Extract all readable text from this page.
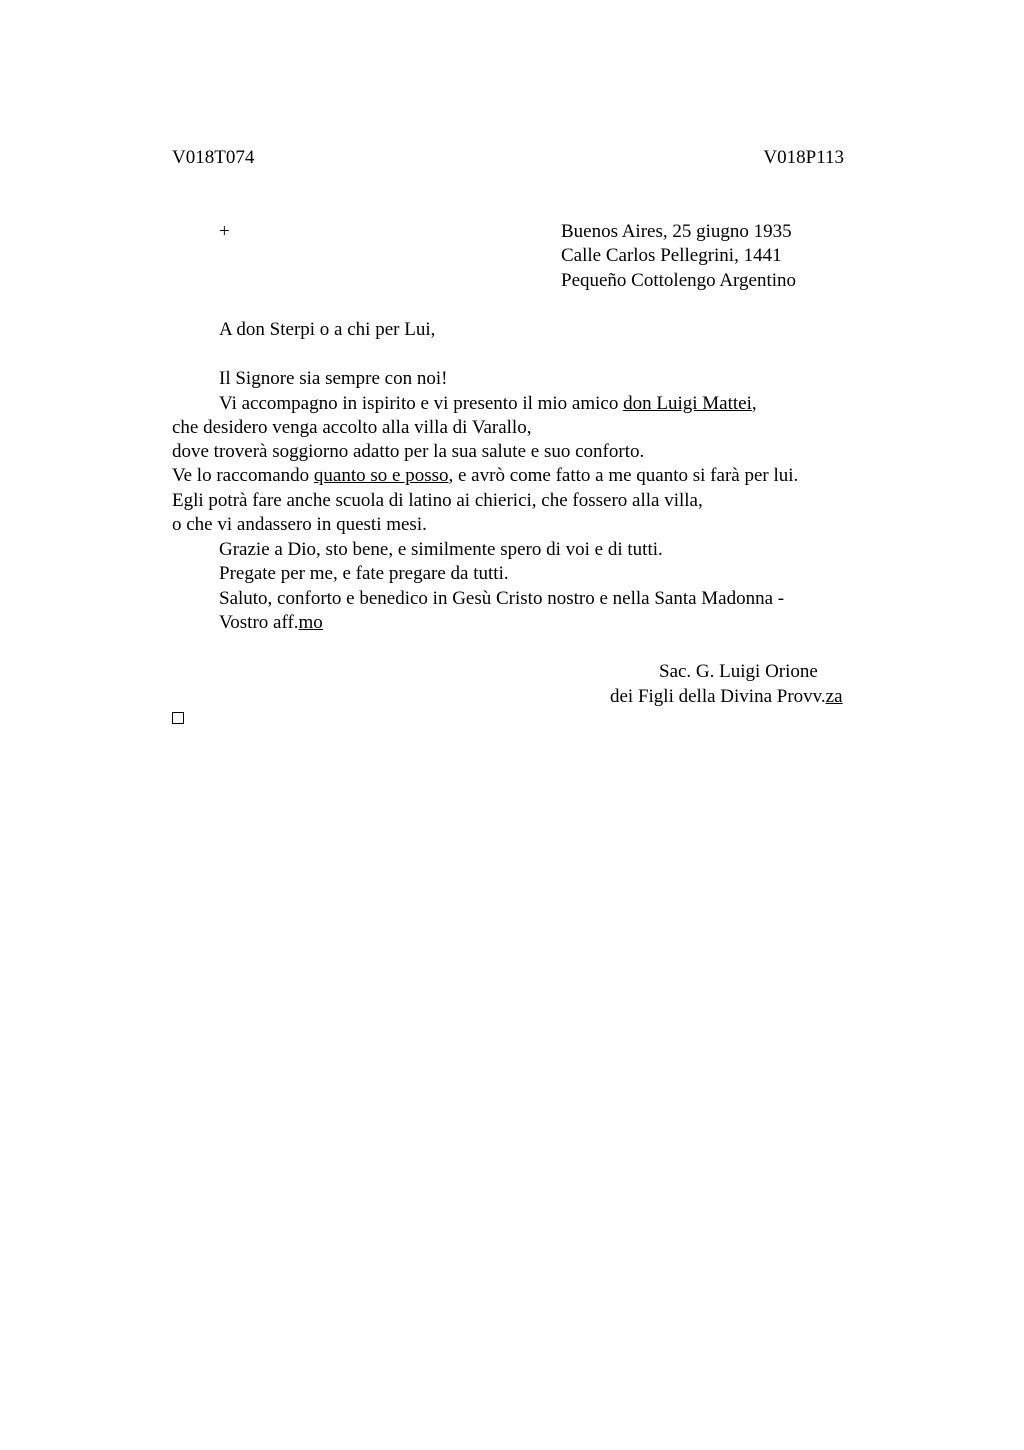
V018T074	V018P113
+	Buenos Aires, 25 giugno 1935
Calle Carlos Pellegrini, 1441
Pequeño Cottolengo Argentino
A don Sterpi o a chi per Lui,
Il Signore sia sempre con noi!
Vi accompagno in ispirito e vi presento il mio amico don Luigi Mattei,
che desidero venga accolto alla villa di Varallo,
dove troverà soggiorno adatto per la sua salute e suo conforto.
Ve lo raccomando quanto so e posso, e avrò come fatto a me quanto si farà per lui.
Egli potrà fare anche scuola di latino ai chierici, che fossero alla villa,
o che vi andassero in questi mesi.
Grazie a Dio, sto bene, e similmente spero di voi e di tutti.
Pregate per me, e fate pregare da tutti.
Saluto, conforto e benedico in Gesù Cristo nostro e nella Santa Madonna -
Vostro aff.mo
Sac. G. Luigi Orione
dei Figli della Divina Provv.za
